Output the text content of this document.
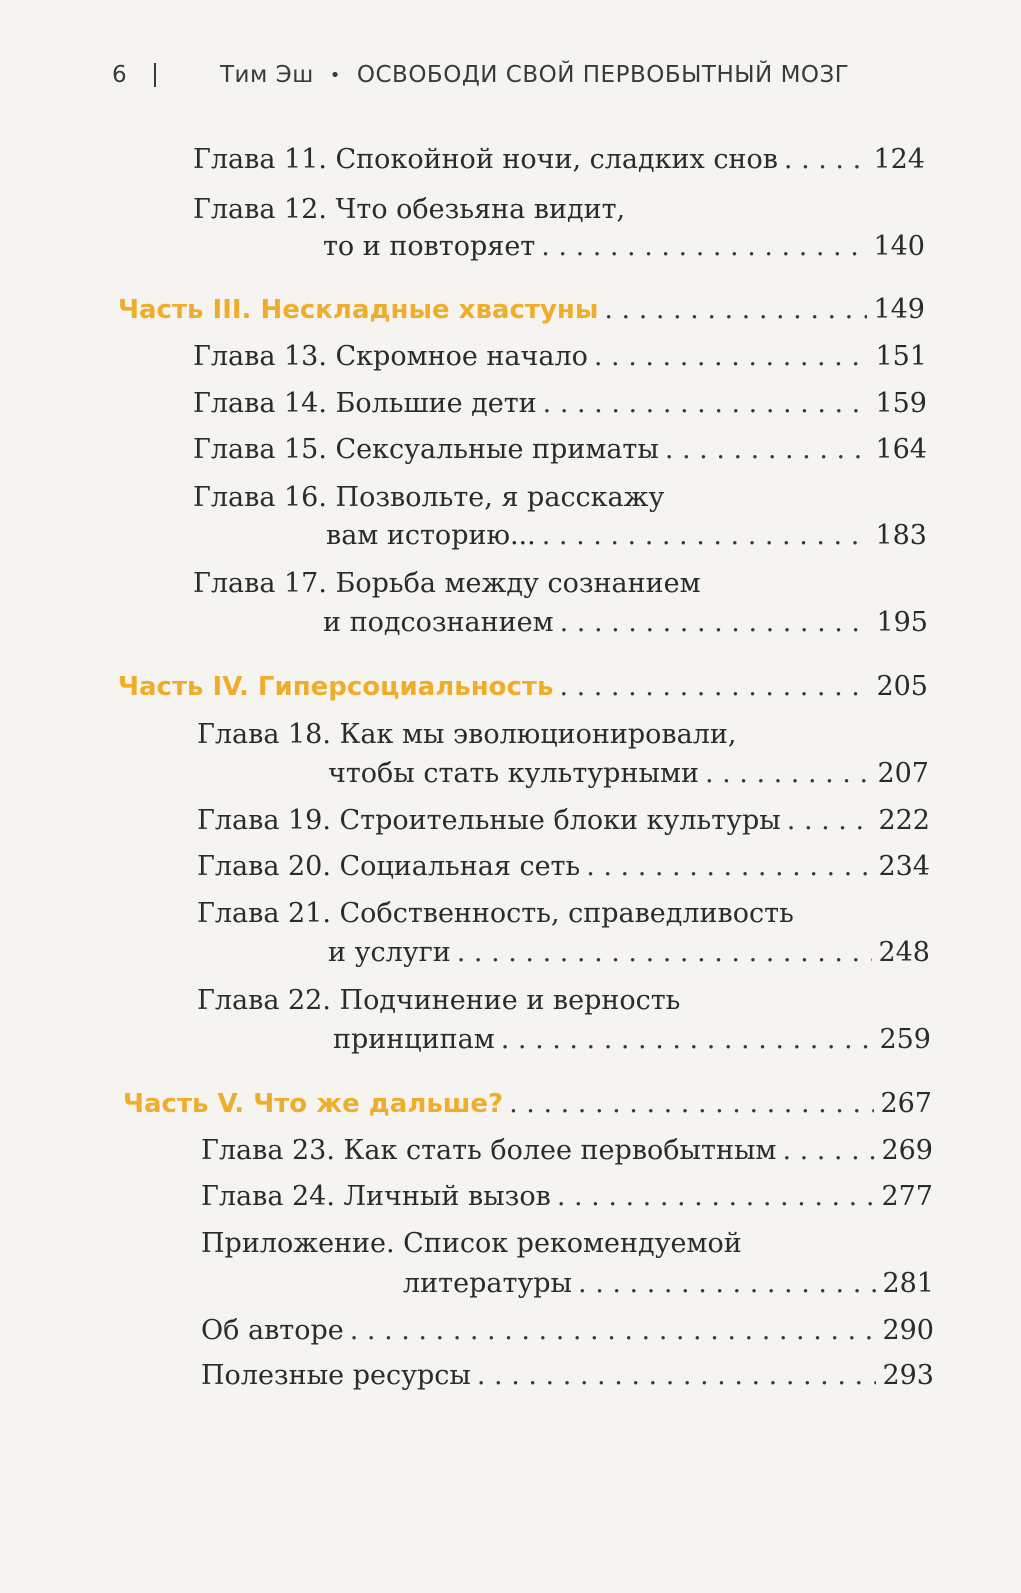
6	Тим Эш • ОСВОБОДИ СВОЙ ПЕРВОБЫТНЫЙ МОЗГ
Глава 11. Спокойной ночи, сладких снов . . .	124
Глава 12. Что обезьяна видит,
то и повторяет . . .	140
Часть III. Нескладные хвастуны . . .	149
Глава 13. Скромное начало . . .	151
Глава 14. Большие дети . . .	159
Глава 15. Сексуальные приматы . . .	164
Глава 16. Позвольте, я расскажу
вам историю... . . .	183
Глава 17. Борьба между сознанием
и подсознанием . . .	195
Часть IV. Гиперсоциальность . . .	205
Глава 18. Как мы эволюционировали,
чтобы стать культурными . . .	207
Глава 19. Строительные блоки культуры . . .	222
Глава 20. Социальная сеть . . .	234
Глава 21. Собственность, справедливость
и услуги . . .	248
Глава 22. Подчинение и верность
принципам . . .	259
Часть V. Что же дальше? . . .	267
Глава 23. Как стать более первобытным . . .	269
Глава 24. Личный вызов . . .	277
Приложение. Список рекомендуемой
литературы . . .	281
Об авторе . . .	290
Полезные ресурсы . . .	293
